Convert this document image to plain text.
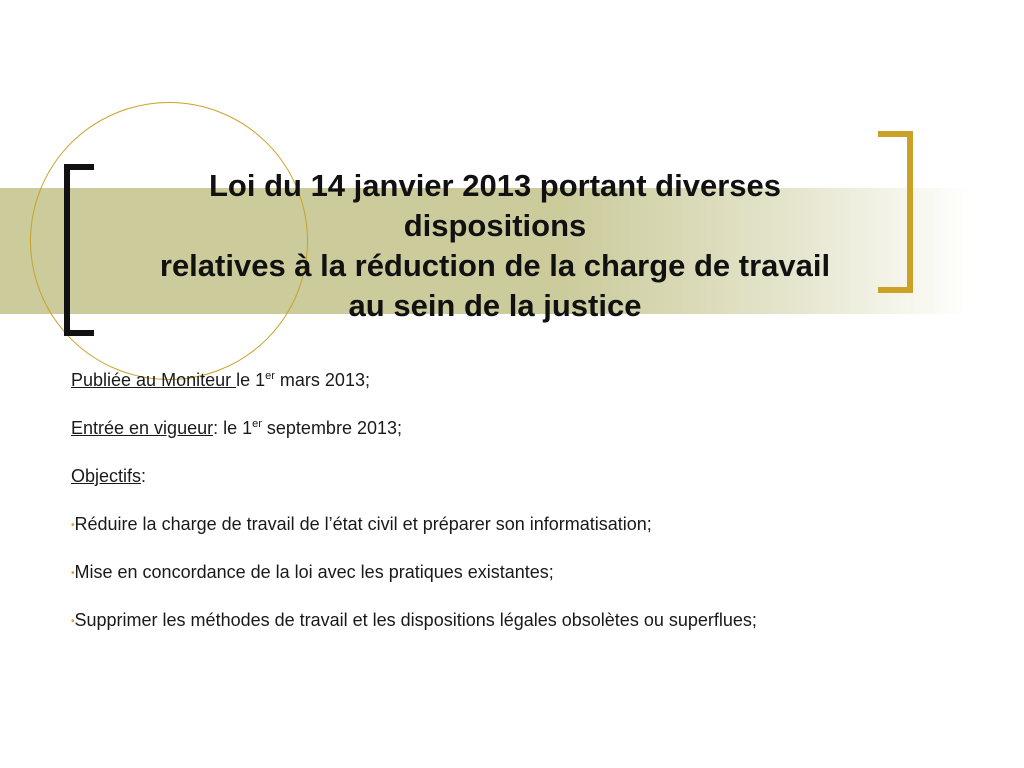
Loi du 14 janvier 2013 portant diverses
dispositions
relatives à la réduction de la charge de travail
au sein de la justice
Publiée au Moniteur le 1er mars 2013;
Entrée en vigueur: le 1er septembre 2013;
Objectifs:
•Réduire la charge de travail de l’état civil et préparer son informatisation;
•Mise en concordance de la loi avec les pratiques existantes;
•Supprimer les méthodes de travail et les dispositions légales obsolètes ou superflues;
